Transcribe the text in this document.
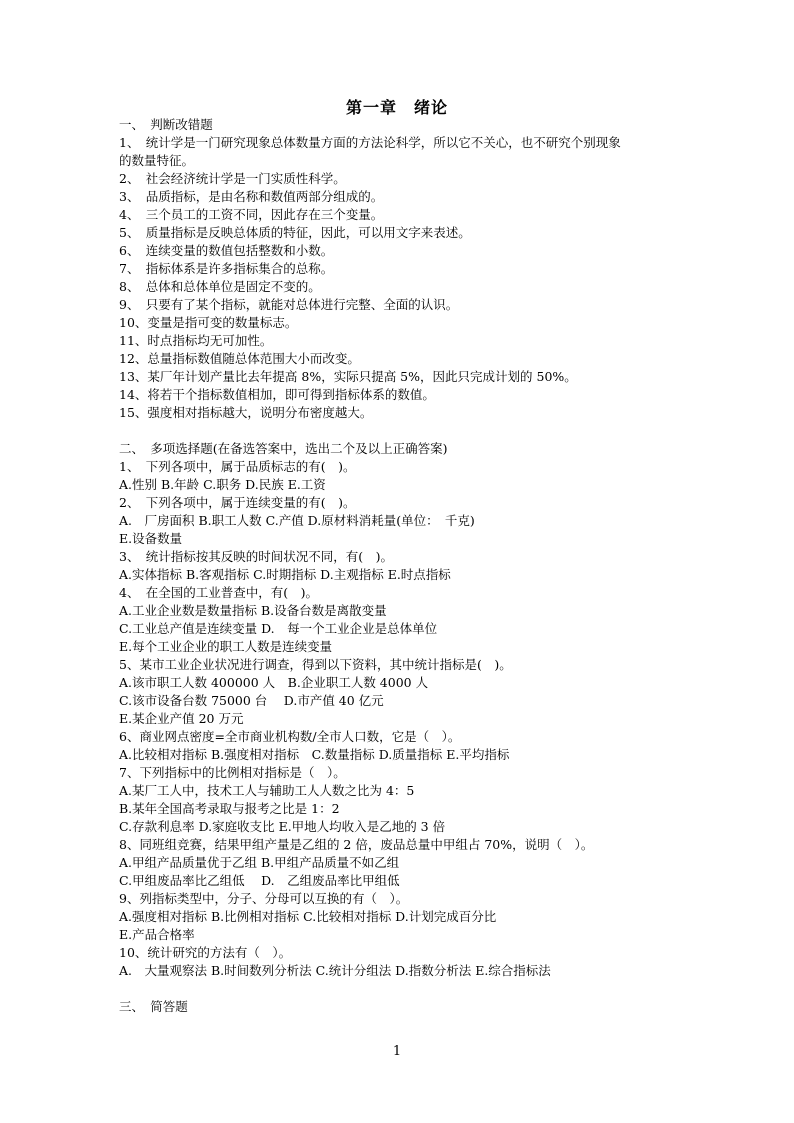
第一章　绪论
一、　判断改错题
1、　统计学是一门研究现象总体数量方面的方法论科学，所以它不关心，也不研究个别现象
的数量特征。
2、　社会经济统计学是一门实质性科学。
3、　品质指标，是由名称和数值两部分组成的。
4、　三个员工的工资不同，因此存在三个变量。
5、　质量指标是反映总体质的特征，因此，可以用文字来表述。
6、　连续变量的数值包括整数和小数。
7、　指标体系是许多指标集合的总称。
8、　总体和总体单位是固定不变的。
9、　只要有了某个指标，就能对总体进行完整、全面的认识。
10、变量是指可变的数量标志。
11、时点指标均无可加性。
12、总量指标数值随总体范围大小而改变。
13、某厂年计划产量比去年提高 8%，实际只提高 5%，因此只完成计划的 50%。
14、将若干个指标数值相加，即可得到指标体系的数值。
15、强度相对指标越大，说明分布密度越大。
二、　多项选择题(在备选答案中，选出二个及以上正确答案)
1、　下列各项中，属于品质标志的有(　)。
A.性别 B.年龄 C.职务 D.民族 E.工资
2、　下列各项中，属于连续变量的有(　)。
A.　厂房面积 B.职工人数 C.产值 D.原材料消耗量(单位：　千克)
E.设备数量
3、　统计指标按其反映的时间状况不同，有(　)。
A.实体指标 B.客观指标 C.时期指标 D.主观指标 E.时点指标
4、　在全国的工业普查中，有(　)。
A.工业企业数是数量指标 B.设备台数是离散变量
C.工业总产值是连续变量 D.　每一个工业企业是总体单位
E.每个工业企业的职工人数是连续变量
5、某市工业企业状况进行调查，得到以下资料，其中统计指标是(　)。
A.该市职工人数 400000 人　B.企业职工人数 4000 人
C.该市设备台数 75000 台　 D.市产值 40 亿元
E.某企业产值 20 万元
6、商业网点密度=全市商业机构数/全市人口数，它是（　）。
A.比较相对指标 B.强度相对指标　C.数量指标 D.质量指标 E.平均指标
7、下列指标中的比例相对指标是（　）。
A.某厂工人中，技术工人与辅助工人人数之比为 4：5
B.某年全国高考录取与报考之比是 1：2
C.存款利息率 D.家庭收支比 E.甲地人均收入是乙地的 3 倍
8、同班组竞赛，结果甲组产量是乙组的 2 倍，废品总量中甲组占 70%，说明（　）。
A.甲组产品质量优于乙组 B.甲组产品质量不如乙组
C.甲组废品率比乙组低　 D.　乙组废品率比甲组低
9、列指标类型中，分子、分母可以互换的有（　）。
A.强度相对指标 B.比例相对指标 C.比较相对指标 D.计划完成百分比
E.产品合格率
10、统计研究的方法有（　）。
A.　大量观察法 B.时间数列分析法 C.统计分组法 D.指数分析法 E.综合指标法
三、　简答题
1
